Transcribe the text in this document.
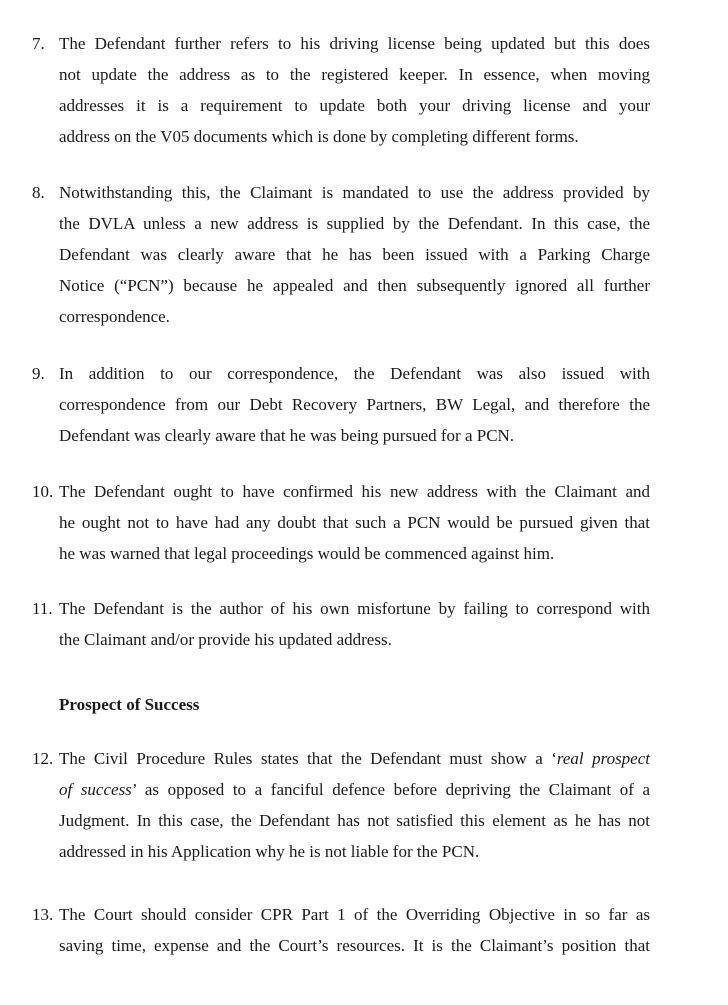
7. The Defendant further refers to his driving license being updated but this does
not update the address as to the registered keeper. In essence, when moving
addresses it is a requirement to update both your driving license and your
address on the V05 documents which is done by completing different forms.
8. Notwithstanding this, the Claimant is mandated to use the address provided by
the DVLA unless a new address is supplied by the Defendant. In this case, the
Defendant was clearly aware that he has been issued with a Parking Charge
Notice (“PCN”) because he appealed and then subsequently ignored all further
correspondence.
9. In addition to our correspondence, the Defendant was also issued with
correspondence from our Debt Recovery Partners, BW Legal, and therefore the
Defendant was clearly aware that he was being pursued for a PCN.
10. The Defendant ought to have confirmed his new address with the Claimant and
he ought not to have had any doubt that such a PCN would be pursued given that
he was warned that legal proceedings would be commenced against him.
11. The Defendant is the author of his own misfortune by failing to correspond with
the Claimant and/or provide his updated address.
Prospect of Success
12. The Civil Procedure Rules states that the Defendant must show a ‘real prospect
of success’ as opposed to a fanciful defence before depriving the Claimant of a
Judgment. In this case, the Defendant has not satisfied this element as he has not
addressed in his Application why he is not liable for the PCN.
13. The Court should consider CPR Part 1 of the Overriding Objective in so far as
saving time, expense and the Court’s resources. It is the Claimant’s position that
